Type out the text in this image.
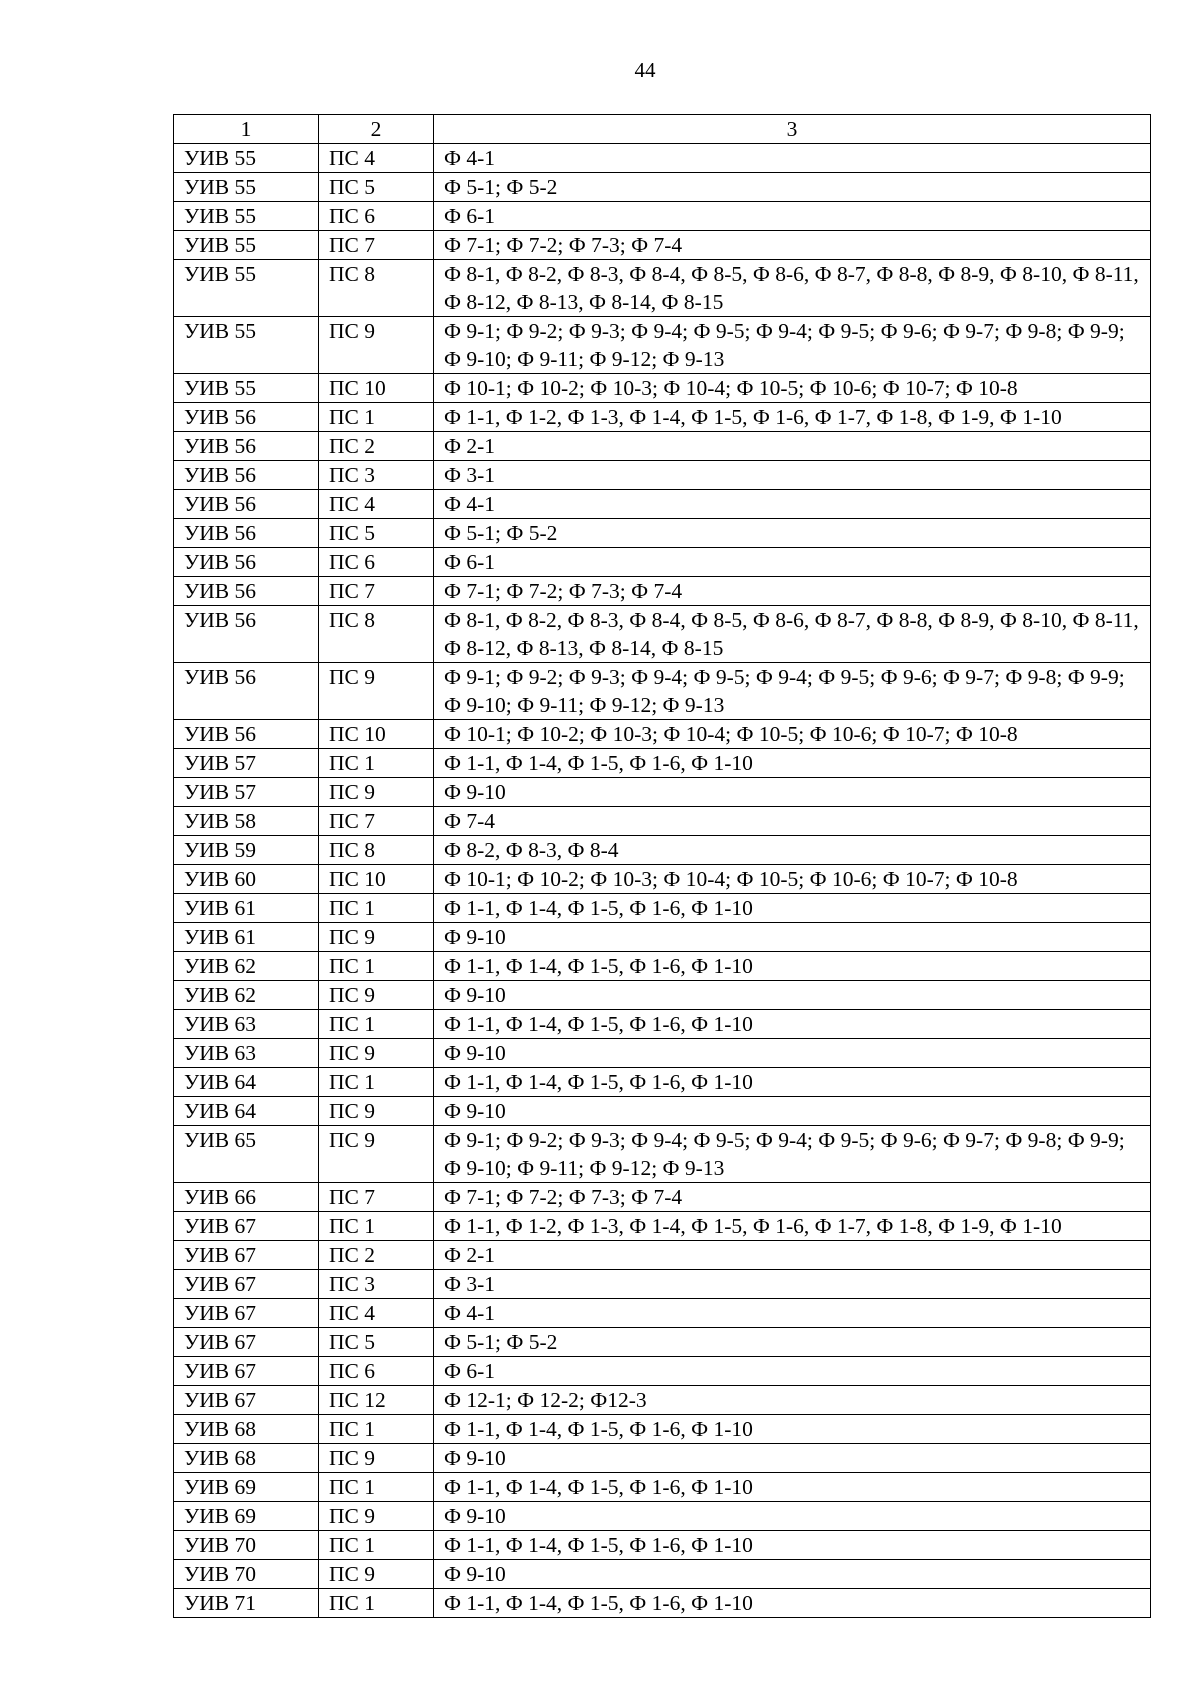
44
1	2	3
УИВ 55	ПС 4	Ф 4-1
УИВ 55	ПС 5	Ф 5-1; Ф 5-2
УИВ 55	ПС 6	Ф 6-1
УИВ 55	ПС 7	Ф 7-1; Ф 7-2; Ф 7-3; Ф 7-4
УИВ 55	ПС 8	Ф 8-1, Ф 8-2, Ф 8-3, Ф 8-4, Ф 8-5, Ф 8-6, Ф 8-7, Ф 8-8, Ф 8-9, Ф 8-10, Ф 8-11, Ф 8-12, Ф 8-13, Ф 8-14, Ф 8-15
УИВ 55	ПС 9	Ф 9-1; Ф 9-2; Ф 9-3; Ф 9-4; Ф 9-5; Ф 9-4; Ф 9-5; Ф 9-6; Ф 9-7; Ф 9-8; Ф 9-9; Ф 9-10; Ф 9-11; Ф 9-12; Ф 9-13
УИВ 55	ПС 10	Ф 10-1; Ф 10-2; Ф 10-3; Ф 10-4; Ф 10-5; Ф 10-6; Ф 10-7; Ф 10-8
УИВ 56	ПС 1	Ф 1-1, Ф 1-2, Ф 1-3, Ф 1-4, Ф 1-5, Ф 1-6, Ф 1-7, Ф 1-8, Ф 1-9, Ф 1-10
УИВ 56	ПС 2	Ф 2-1
УИВ 56	ПС 3	Ф 3-1
УИВ 56	ПС 4	Ф 4-1
УИВ 56	ПС 5	Ф 5-1; Ф 5-2
УИВ 56	ПС 6	Ф 6-1
УИВ 56	ПС 7	Ф 7-1; Ф 7-2; Ф 7-3; Ф 7-4
УИВ 56	ПС 8	Ф 8-1, Ф 8-2, Ф 8-3, Ф 8-4, Ф 8-5, Ф 8-6, Ф 8-7, Ф 8-8, Ф 8-9, Ф 8-10, Ф 8-11, Ф 8-12, Ф 8-13, Ф 8-14, Ф 8-15
УИВ 56	ПС 9	Ф 9-1; Ф 9-2; Ф 9-3; Ф 9-4; Ф 9-5; Ф 9-4; Ф 9-5; Ф 9-6; Ф 9-7; Ф 9-8; Ф 9-9; Ф 9-10; Ф 9-11; Ф 9-12; Ф 9-13
УИВ 56	ПС 10	Ф 10-1; Ф 10-2; Ф 10-3; Ф 10-4; Ф 10-5; Ф 10-6; Ф 10-7; Ф 10-8
УИВ 57	ПС 1	Ф 1-1, Ф 1-4, Ф 1-5, Ф 1-6, Ф 1-10
УИВ 57	ПС 9	Ф 9-10
УИВ 58	ПС 7	Ф 7-4
УИВ 59	ПС 8	Ф 8-2, Ф 8-3, Ф 8-4
УИВ 60	ПС 10	Ф 10-1; Ф 10-2; Ф 10-3; Ф 10-4; Ф 10-5; Ф 10-6; Ф 10-7; Ф 10-8
УИВ 61	ПС 1	Ф 1-1, Ф 1-4, Ф 1-5, Ф 1-6, Ф 1-10
УИВ 61	ПС 9	Ф 9-10
УИВ 62	ПС 1	Ф 1-1, Ф 1-4, Ф 1-5, Ф 1-6, Ф 1-10
УИВ 62	ПС 9	Ф 9-10
УИВ 63	ПС 1	Ф 1-1, Ф 1-4, Ф 1-5, Ф 1-6, Ф 1-10
УИВ 63	ПС 9	Ф 9-10
УИВ 64	ПС 1	Ф 1-1, Ф 1-4, Ф 1-5, Ф 1-6, Ф 1-10
УИВ 64	ПС 9	Ф 9-10
УИВ 65	ПС 9	Ф 9-1; Ф 9-2; Ф 9-3; Ф 9-4; Ф 9-5; Ф 9-4; Ф 9-5; Ф 9-6; Ф 9-7; Ф 9-8; Ф 9-9; Ф 9-10; Ф 9-11; Ф 9-12; Ф 9-13
УИВ 66	ПС 7	Ф 7-1; Ф 7-2; Ф 7-3; Ф 7-4
УИВ 67	ПС 1	Ф 1-1, Ф 1-2, Ф 1-3, Ф 1-4, Ф 1-5, Ф 1-6, Ф 1-7, Ф 1-8, Ф 1-9, Ф 1-10
УИВ 67	ПС 2	Ф 2-1
УИВ 67	ПС 3	Ф 3-1
УИВ 67	ПС 4	Ф 4-1
УИВ 67	ПС 5	Ф 5-1; Ф 5-2
УИВ 67	ПС 6	Ф 6-1
УИВ 67	ПС 12	Ф 12-1; Ф 12-2; Ф12-3
УИВ 68	ПС 1	Ф 1-1, Ф 1-4, Ф 1-5, Ф 1-6, Ф 1-10
УИВ 68	ПС 9	Ф 9-10
УИВ 69	ПС 1	Ф 1-1, Ф 1-4, Ф 1-5, Ф 1-6, Ф 1-10
УИВ 69	ПС 9	Ф 9-10
УИВ 70	ПС 1	Ф 1-1, Ф 1-4, Ф 1-5, Ф 1-6, Ф 1-10
УИВ 70	ПС 9	Ф 9-10
УИВ 71	ПС 1	Ф 1-1, Ф 1-4, Ф 1-5, Ф 1-6, Ф 1-10
